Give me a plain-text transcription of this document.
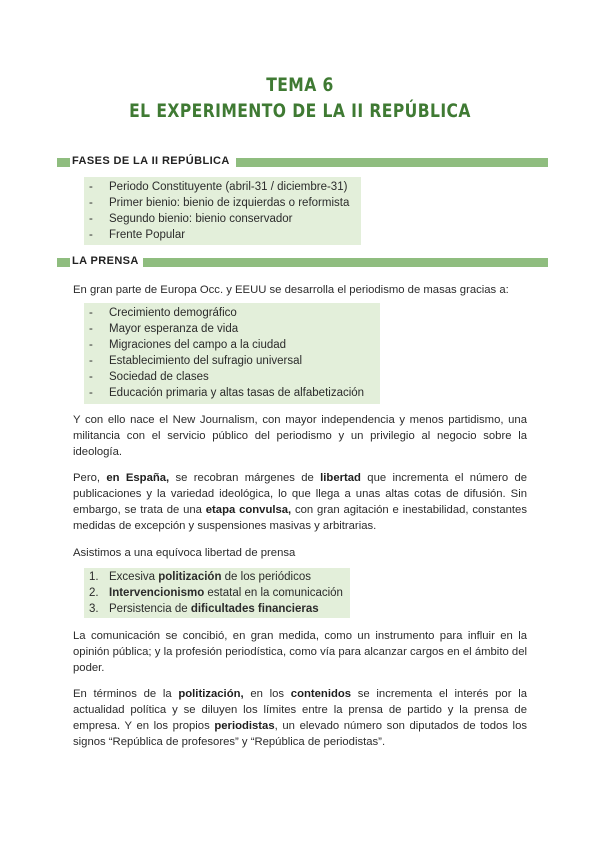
TEMA 6
EL EXPERIMENTO DE LA II REPÚBLICA
FASES DE LA II REPÚBLICA
- Periodo Constituyente (abril-31 / diciembre-31)
- Primer bienio: bienio de izquierdas o reformista
- Segundo bienio: bienio conservador
- Frente Popular
LA PRENSA
En gran parte de Europa Occ. y EEUU se desarrolla el periodismo de masas gracias a:
- Crecimiento demográfico
- Mayor esperanza de vida
- Migraciones del campo a la ciudad
- Establecimiento del sufragio universal
- Sociedad de clases
- Educación primaria y altas tasas de alfabetización
Y con ello nace el New Journalism, con mayor independencia y menos partidismo, una militancia con el servicio público del periodismo y un privilegio al negocio sobre la ideología.
Pero, en España, se recobran márgenes de libertad que incrementa el número de publicaciones y la variedad ideológica, lo que llega a unas altas cotas de difusión. Sin embargo, se trata de una etapa convulsa, con gran agitación e inestabilidad, constantes medidas de excepción y suspensiones masivas y arbitrarias.
Asistimos a una equívoca libertad de prensa
1. Excesiva politización de los periódicos
2. Intervencionismo estatal en la comunicación
3. Persistencia de dificultades financieras
La comunicación se concibió, en gran medida, como un instrumento para influir en la opinión pública; y la profesión periodística, como vía para alcanzar cargos en el ámbito del poder.
En términos de la politización, en los contenidos se incrementa el interés por la actualidad política y se diluyen los límites entre la prensa de partido y la prensa de empresa. Y en los propios periodistas, un elevado número son diputados de todos los signos “República de profesores” y “República de periodistas”.
